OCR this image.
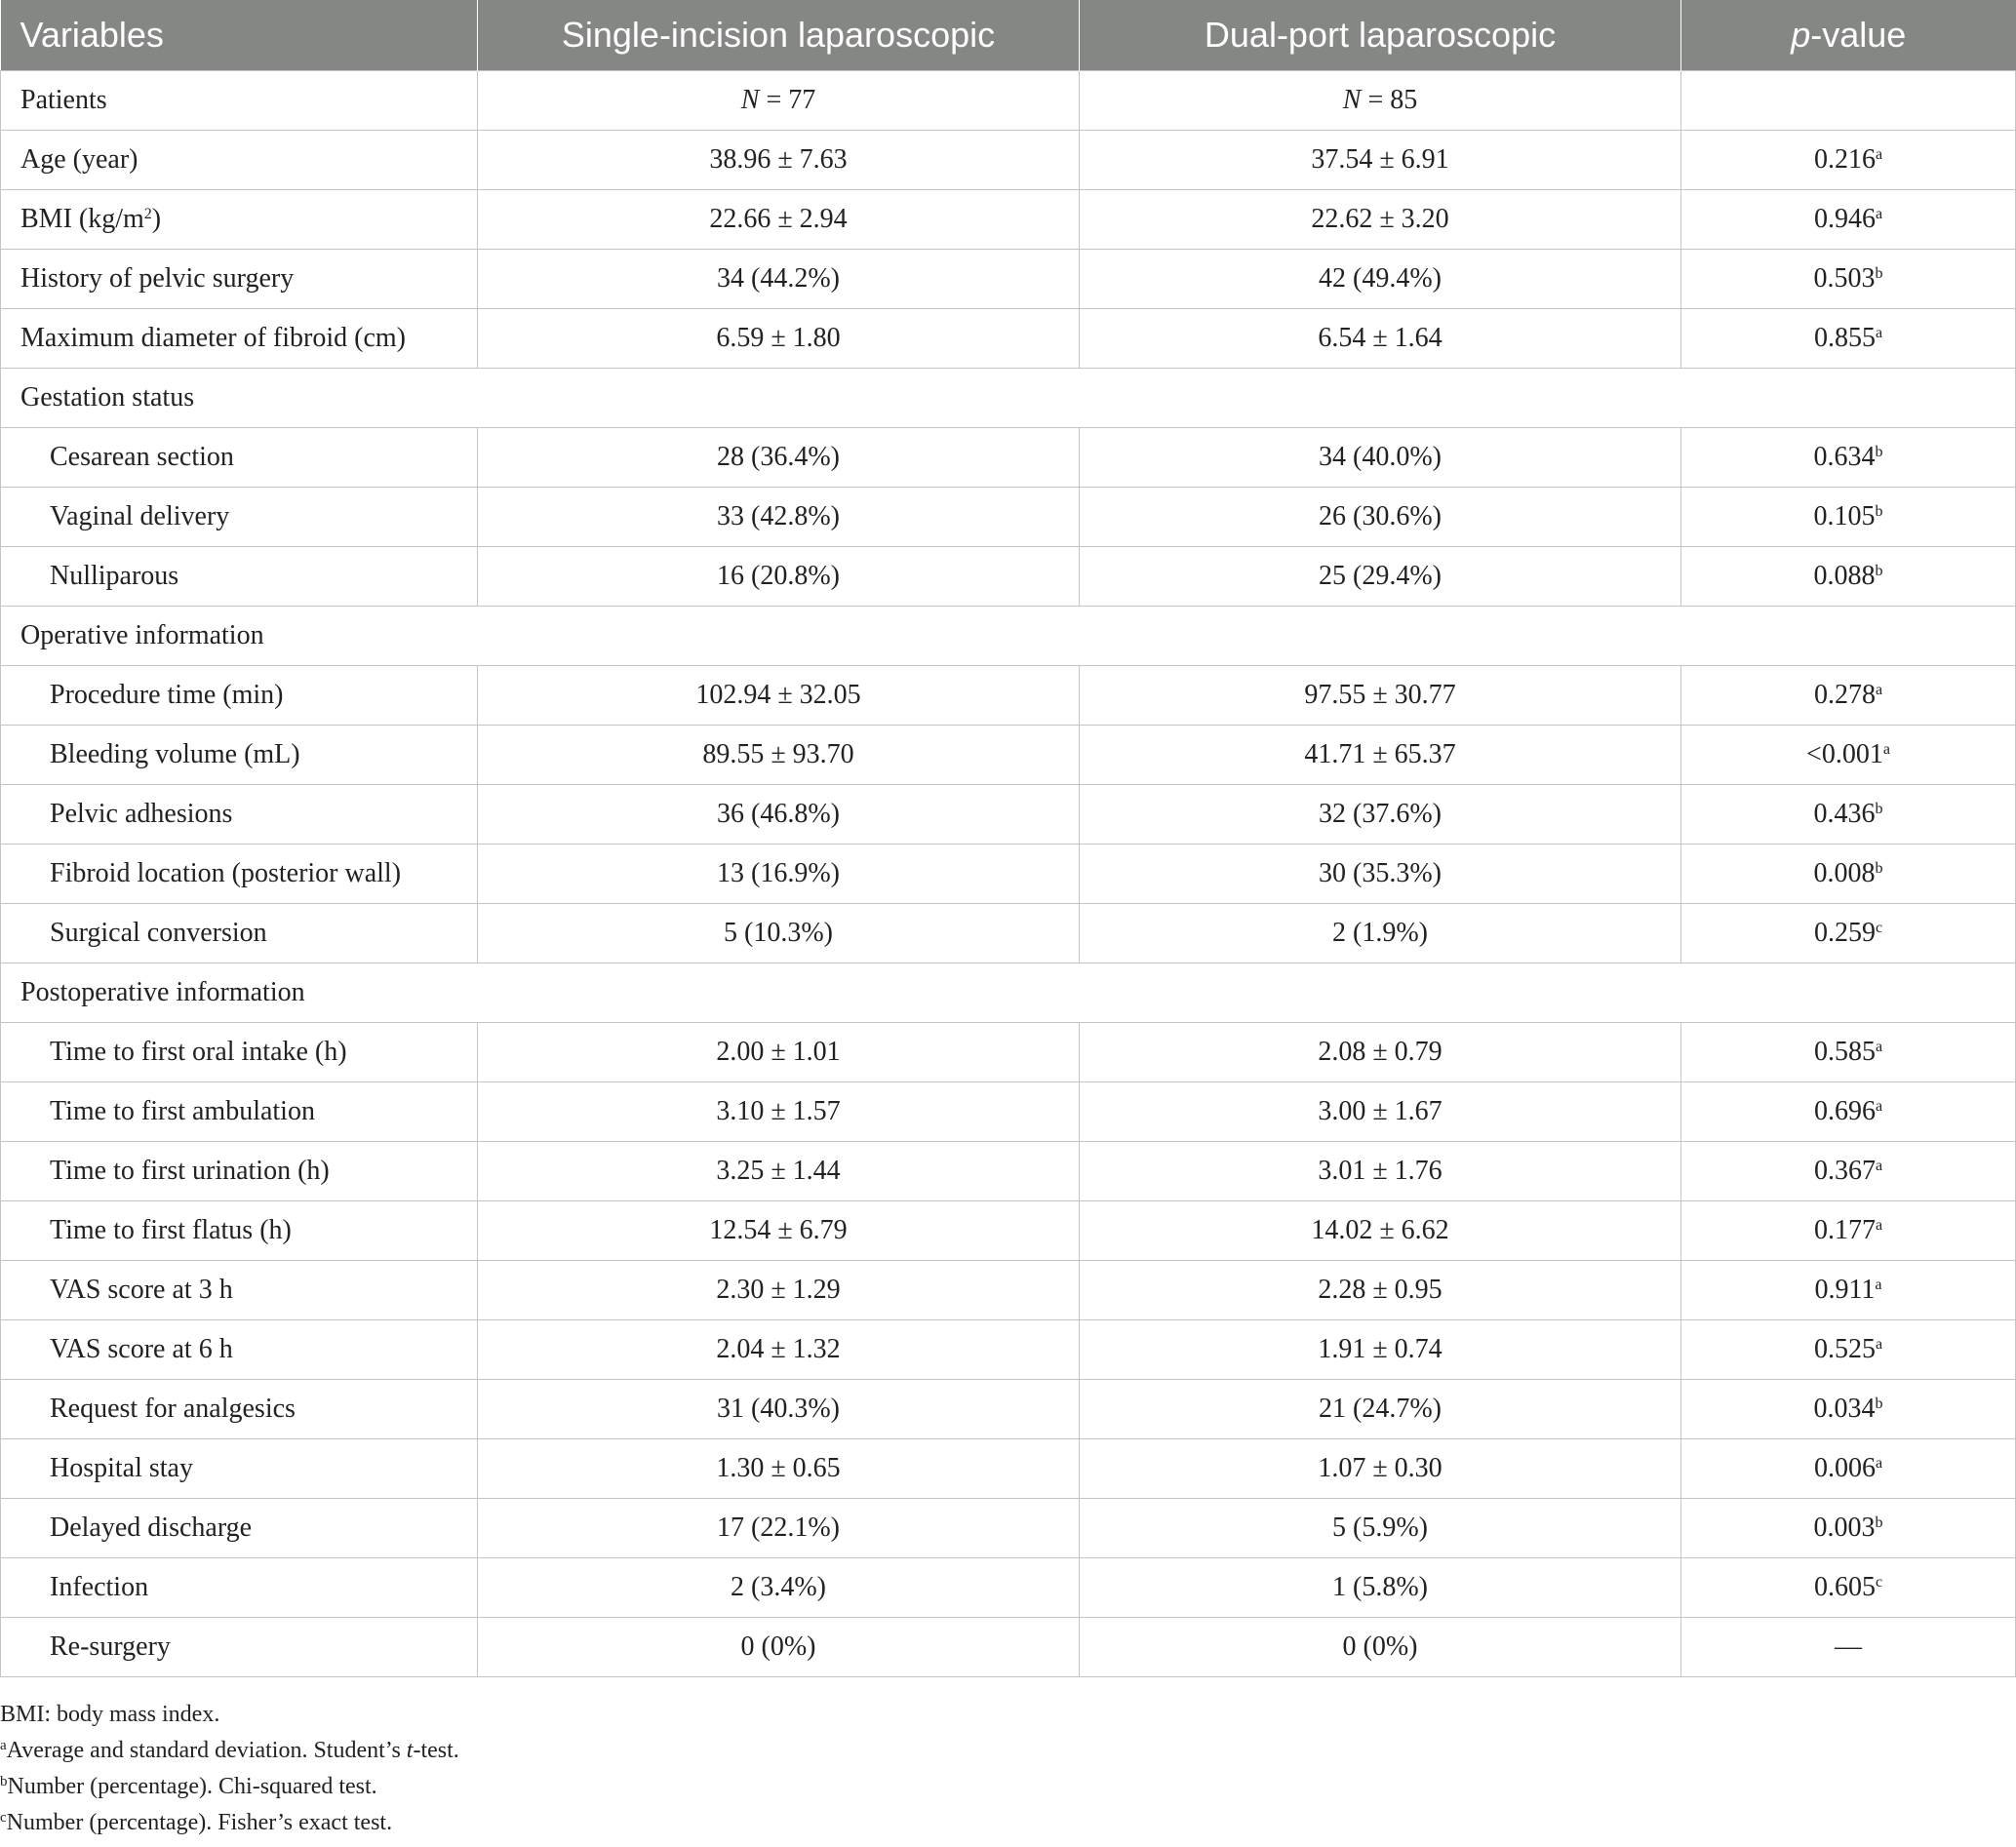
Variables	Single-incision laparoscopic	Dual-port laparoscopic	p-value
Patients	N = 77	N = 85	
Age (year)	38.96 ± 7.63	37.54 ± 6.91	0.216$^a$
BMI $(kg/m^2)$	22.66 ± 2.94	22.62 ± 3.20	0.946$^a$
History of pelvic surgery	34 (44.2%)	42 (49.4%)	0.503$^b$
Maximum diameter of fibroid (cm)	6.59 ± 1.80	6.54 ± 1.64	0.855$^a$
Gestation status			
Cesarean section	28 (36.4%)	34 (40.0%)	0.634$^b$
Vaginal delivery	33 (42.8%)	26 (30.6%)	0.105$^b$
Nulliparous	16 (20.8%)	25 (29.4%)	0.088$^b$
Operative information			
Procedure time (min)	102.94 ± 32.05	97.55 ± 30.77	0.278$^a$
Bleeding volume (mL)	89.55 ± 93.70	41.71 ± 65.37	<0.001$^a$
Pelvic adhesions	36 (46.8%)	32 (37.6%)	0.436$^b$
Fibroid location (posterior wall)	13 (16.9%)	30 (35.3%)	0.008$^b$
Surgical conversion	5 (10.3%)	2 (1.9%)	0.259$^c$
Postoperative information			
Time to first oral intake (h)	2.00 ± 1.01	2.08 ± 0.79	0.585$^a$
Time to first ambulation	3.10 ± 1.57	3.00 ± 1.67	0.696$^a$
Time to first urination (h)	3.25 ± 1.44	3.01 ± 1.76	0.367$^a$
Time to first flatus (h)	12.54 ± 6.79	14.02 ± 6.62	0.177$^a$
VAS score at 3 h	2.30 ± 1.29	2.28 ± 0.95	0.911$^a$
VAS score at 6 h	2.04 ± 1.32	1.91 ± 0.74	0.525$^a$
Request for analgesics	31 (40.3%)	21 (24.7%)	0.034$^b$
Hospital stay	1.30 ± 0.65	1.07 ± 0.30	0.006$^a$
Delayed discharge	17 (22.1%)	5 (5.9%)	0.003$^b$
Infection	2 (3.4%)	1 (5.8%)	0.605$^c$
Re-surgery	0 (0%)	0 (0%)	—
BMI: body mass index.
$^a$Average and standard deviation. Student’s t-test.
$^b$Number (percentage). Chi-squared test.
$^c$Number (percentage). Fisher’s exact test.
